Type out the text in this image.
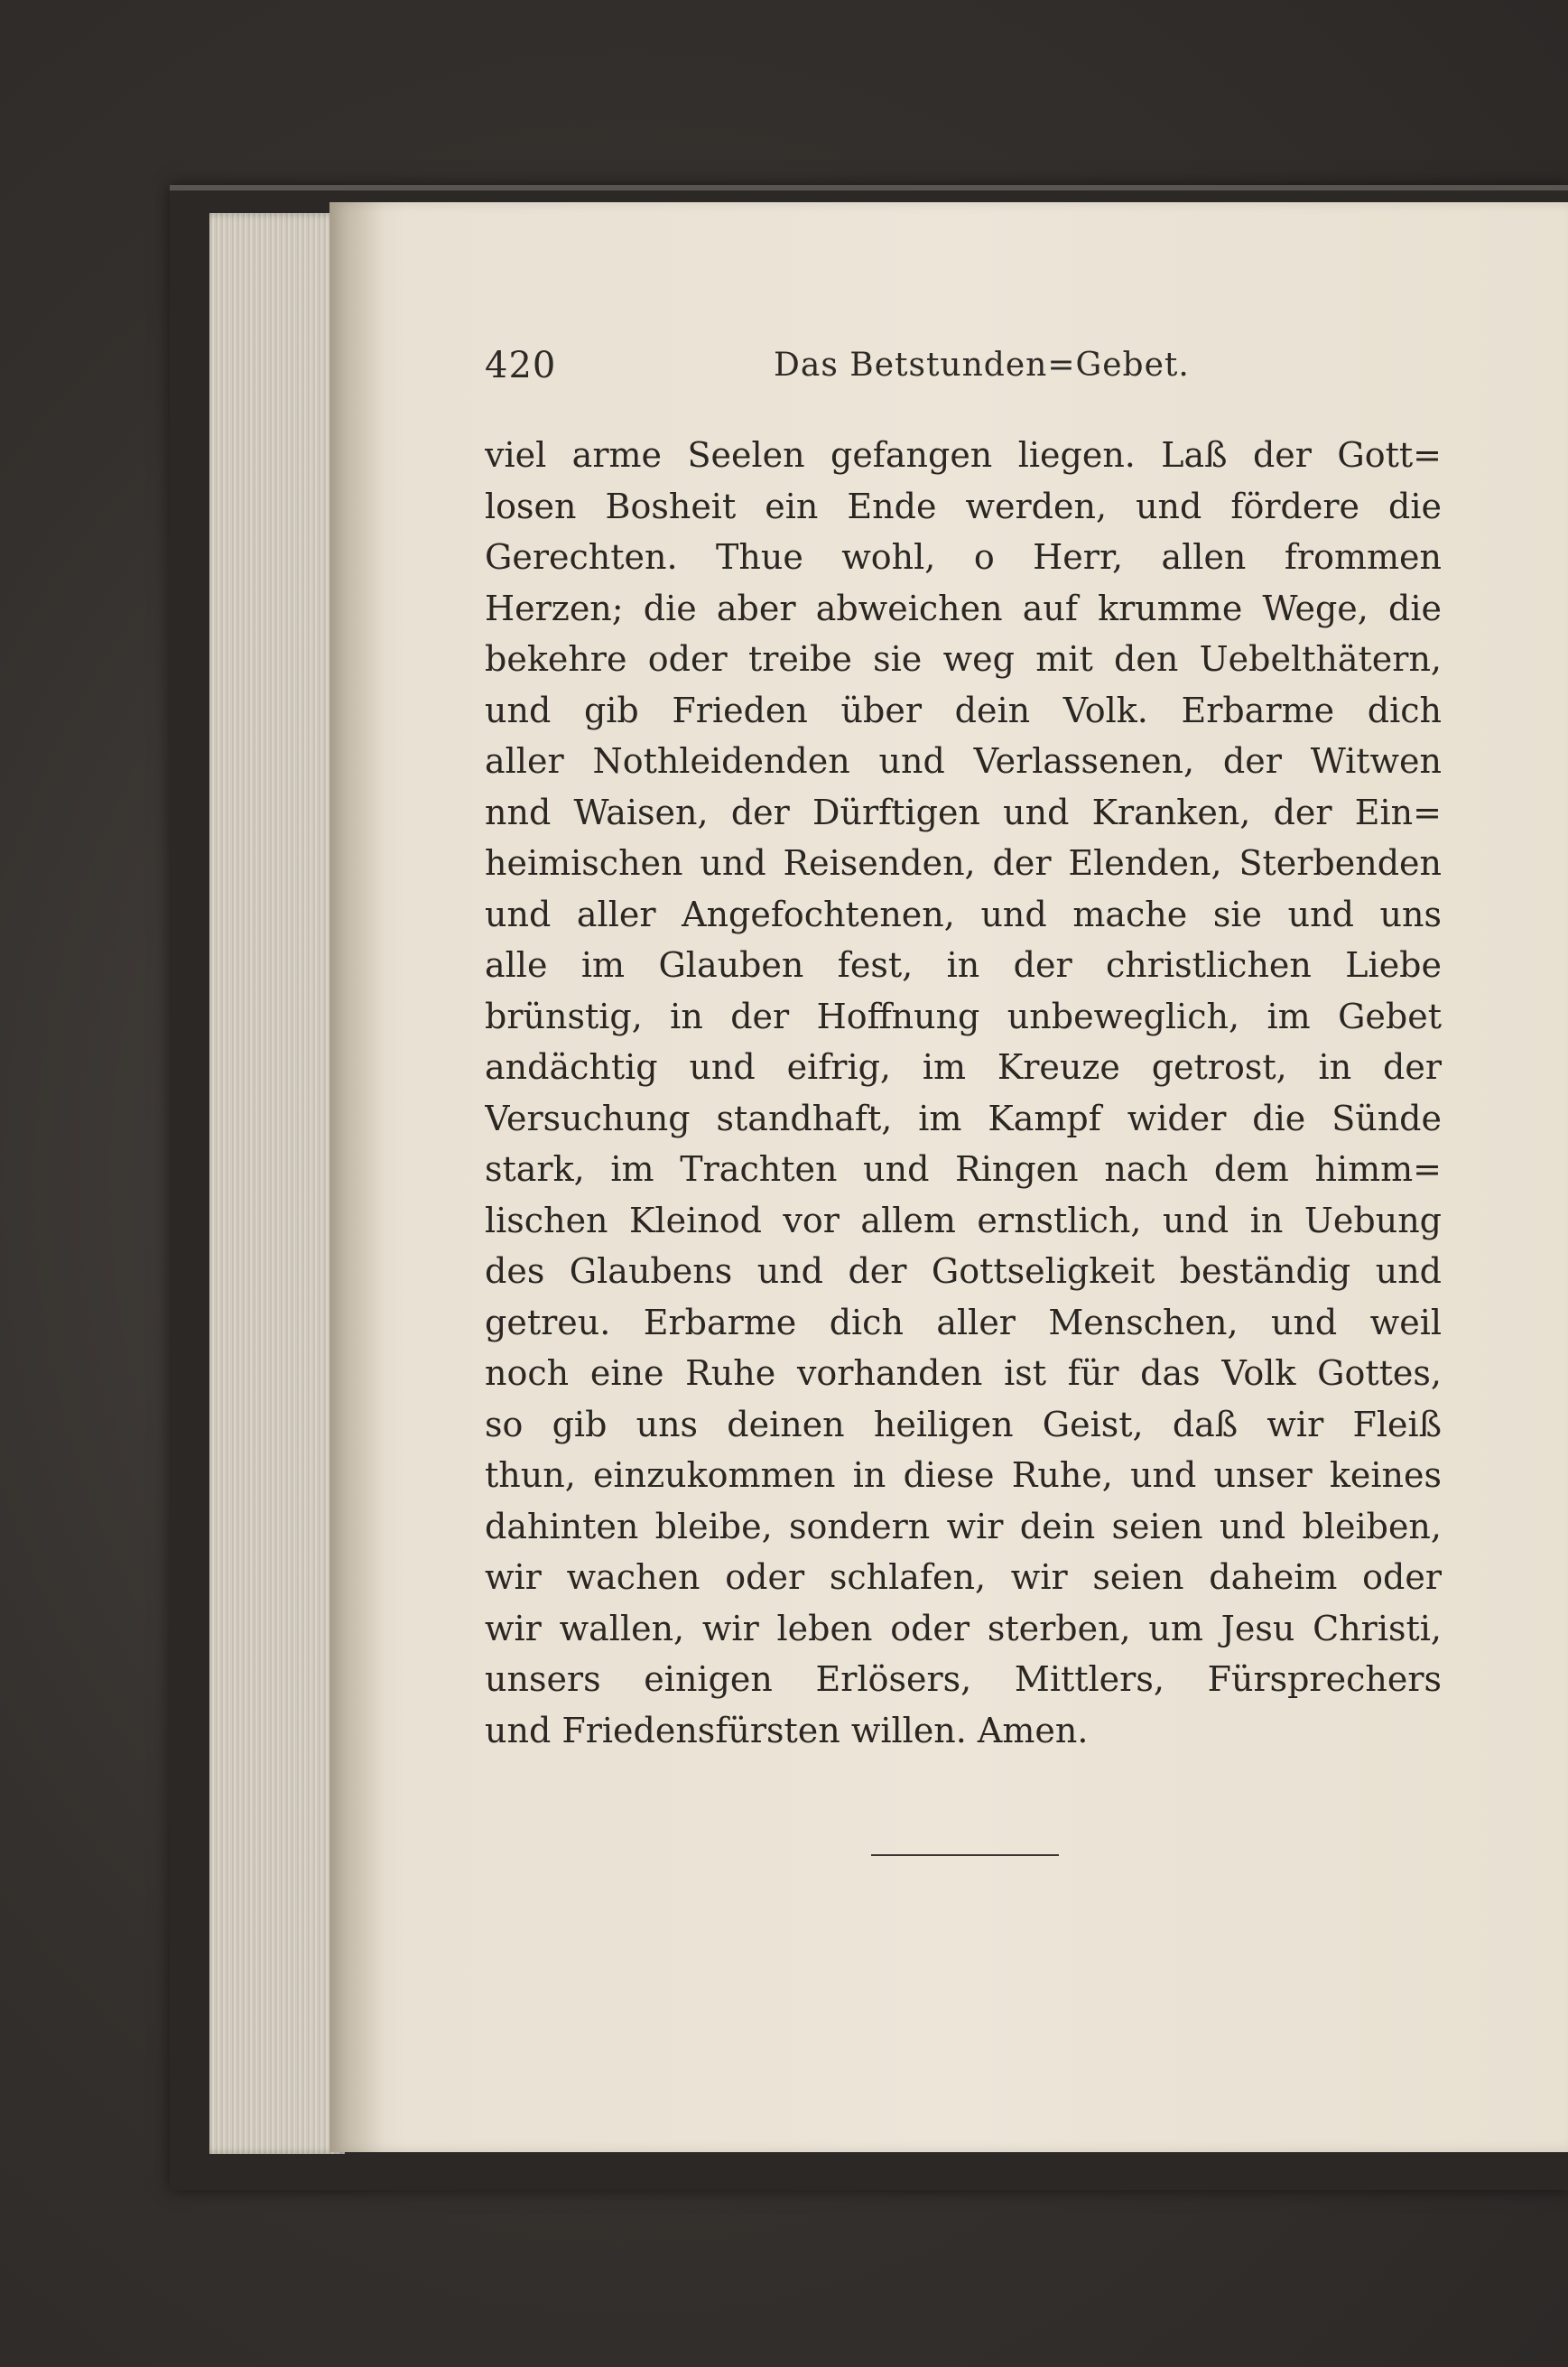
420	Das Betstunden=Gebet.
viel arme Seelen gefangen liegen. Laß der Gott=
losen Bosheit ein Ende werden, und fördere die
Gerechten. Thue wohl, o Herr, allen frommen
Herzen; die aber abweichen auf krumme Wege, die
bekehre oder treibe sie weg mit den Uebelthätern,
und gib Frieden über dein Volk. Erbarme dich
aller Nothleidenden und Verlassenen, der Witwen
nnd Waisen, der Dürftigen und Kranken, der Ein=
heimischen und Reisenden, der Elenden, Sterbenden
und aller Angefochtenen, und mache sie und uns
alle im Glauben fest, in der christlichen Liebe
brünstig, in der Hoffnung unbeweglich, im Gebet
andächtig und eifrig, im Kreuze getrost, in der
Versuchung standhaft, im Kampf wider die Sünde
stark, im Trachten und Ringen nach dem himm=
lischen Kleinod vor allem ernstlich, und in Uebung
des Glaubens und der Gottseligkeit beständig und
getreu. Erbarme dich aller Menschen, und weil
noch eine Ruhe vorhanden ist für das Volk Gottes,
so gib uns deinen heiligen Geist, daß wir Fleiß
thun, einzukommen in diese Ruhe, und unser keines
dahinten bleibe, sondern wir dein seien und bleiben,
wir wachen oder schlafen, wir seien daheim oder
wir wallen, wir leben oder sterben, um Jesu Christi,
unsers einigen Erlösers, Mittlers, Fürsprechers
und Friedensfürsten willen. Amen.
